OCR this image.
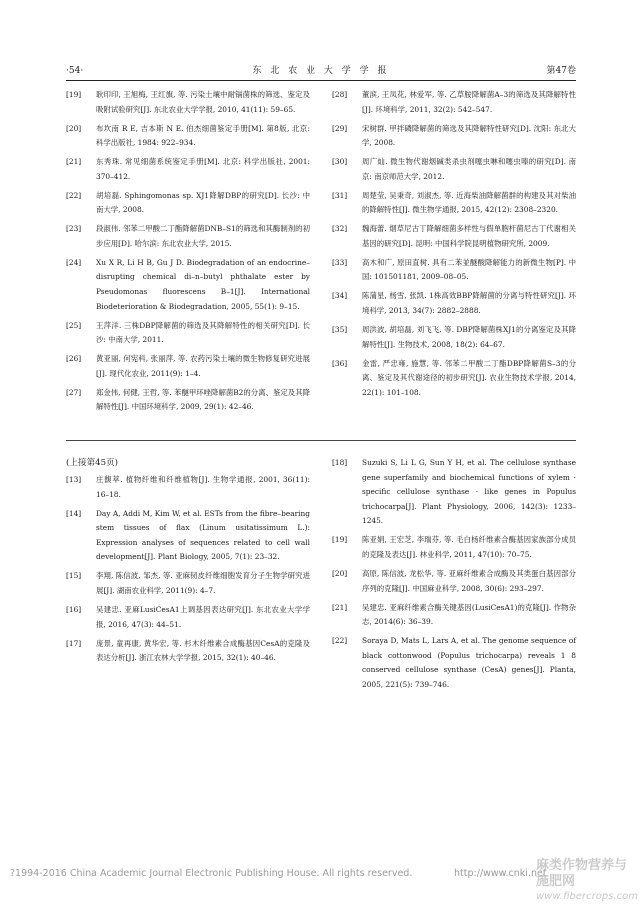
·54·	东 北 农 业 大 学 学 报	第47卷
[19] 耿印印, 王旭梅, 王红旗, 等. 污染土壤中耐镉菌株的筛选、鉴定及吸附试验研究[J]. 东北农业大学学报, 2010, 41(11): 59–65.
[20] 布坎南 R E, 吉本斯 N E. 伯杰细菌鉴定手册[M]. 第8版, 北京: 科学出版社, 1984: 922–934.
[21] 东秀珠. 常见细菌系统鉴定手册[M]. 北京: 科学出版社, 2001: 370–412.
[22] 胡培磊. Sphingomonas sp. XJ1降解DBP的研究[D]. 长沙: 中南大学, 2008.
[23] 段淑伟. 邻苯二甲酸二丁酯降解菌DNB–S1的筛选和其酶制剂的初步应用[D]. 哈尔滨: 东北农业大学, 2015.
[24] Xu X R, Li H B, Gu J D. Biodegradation of an endocrine–disrupting chemical di–n–butyl phthalate ester by Pseudomonas fluorescens B–1[J]. International Biodeterioration & Biodegradation, 2005, 55(1): 9–15.
[25] 王萍洋. 三株DBP降解菌的筛选及其降解特性的相关研究[D]. 长沙: 中南大学, 2011.
[26] 黄亚丽, 何宪科, 张丽萍, 等. 农药污染土壤的微生物修复研究进展[J]. 现代化农业, 2011(9): 1–4.
[27] 郑金伟, 何健, 王哲, 等. 苯醚甲环唑降解菌B2的分离、鉴定及其降解特性[J]. 中国环境科学, 2009, 29(1): 42–46.
[28] 董滨, 王凤花, 林爱军, 等. 乙草胺降解菌A–3的筛选及其降解特性[J]. 环境科学, 2011, 32(2): 542–547.
[29] 宋树群. 甲拌磷降解菌的筛选及其降解特性研究[D]. 沈阳: 东北大学, 2008.
[30] 周广灿. 微生物代谢烟碱类杀虫剂噻虫啉和噻虫嗪的研究[D]. 南京: 南京师范大学, 2012.
[31] 周楚莹, 吴秉奇, 刘淑杰, 等. 近海柴油降解菌群的构建及其对柴油的降解特性[J]. 微生物学通报, 2015, 42(12): 2308–2320.
[32] 魏海蕾. 烟草尼古丁降解细菌多样性与假单胞杆菌尼古丁代谢相关基因的研究[D]. 昆明: 中国科学院昆明植物研究所, 2009.
[33] 高木和广, 原田直树. 具有二苯並醚酸降解能力的新微生物[P]. 中国: 101501181, 2009–08–05.
[34] 陈蒲星, 杨雪, 张凯. 1株高效BBP降解菌的分离与特性研究[J]. 环境科学, 2013, 34(7): 2882–2888.
[35] 周洪波, 胡培磊, 刘飞飞, 等. DBP降解菌株XJ1的分离鉴定及其降解特性[J]. 生物技术, 2008, 18(2): 64–67.
[36] 金雷, 严忠雍, 施慧, 等. 邻苯二甲酸二丁酯DBP降解菌S–3的分离、鉴定及其代谢途径的初步研究[J]. 农业生物技术学报, 2014, 22(1): 101–108.
(上接第45页)
[13] 庄馥萃. 植物纤维和纤维植物[J]. 生物学通报, 2001, 36(11): 16–18.
[14] Day A, Addi M, Kim W, et al. ESTs from the fibre–bearing stem tissues of flax (Linum usitatissimum L.): Expression analyses of sequences related to cell wall development[J]. Plant Biology, 2005, 7(1): 23–32.
[15] 李翔, 陈信波, 邹杰, 等. 亚麻韧皮纤维细胞发育分子生物学研究进展[J]. 湖南农业科学, 2011(9): 4–7.
[16] 吴建忠. 亚麻LusiCesA1上调基因表达研究[J]. 东北农业大学学报, 2016, 47(3): 44–51.
[17] 庞景, 童再康, 黄华宏, 等. 杉木纤维素合成酶基因CesA的克隆及表达分析[J]. 浙江农林大学学报, 2015, 32(1): 40–46.
[18] Suzuki S, Li L G, Sun Y H, et al. The cellulose synthase gene superfamily and biochemical functions of xylem · specific cellulose synthase · like genes in Populus trichocarpa[J]. Plant Physiology, 2006, 142(3): 1233–1245.
[19] 陈亚娟, 王宏芝, 李瑞芬, 等. 毛白杨纤维素合酶基因家族部分成员的克隆及表达[J]. 林业科学, 2011, 47(10): 70–75.
[20] 高原, 陈信波, 龙松华, 等. 亚麻纤维素合成酶及其类蛋白基因部分序列的克隆[J]. 中国麻业科学, 2008, 30(6): 293–297.
[21] 吴建忠. 亚麻纤维素合酶关键基因(LusiCesA1)的克隆[J]. 作物杂志, 2014(6): 36–39.
[22] Soraya D, Mats L, Lars A, et al. The genome sequence of black cottonwood (Populus trichocarpa) reveals 1 8 conserved cellulose synthase (CesA) genes[J]. Planta, 2005, 221(5): 739–746.
?1994-2016 China Academic Journal Electronic Publishing House. All rights reserved.	http://www.cnki.net
麻类作物营养与施肥网
www.fibercrops.com
